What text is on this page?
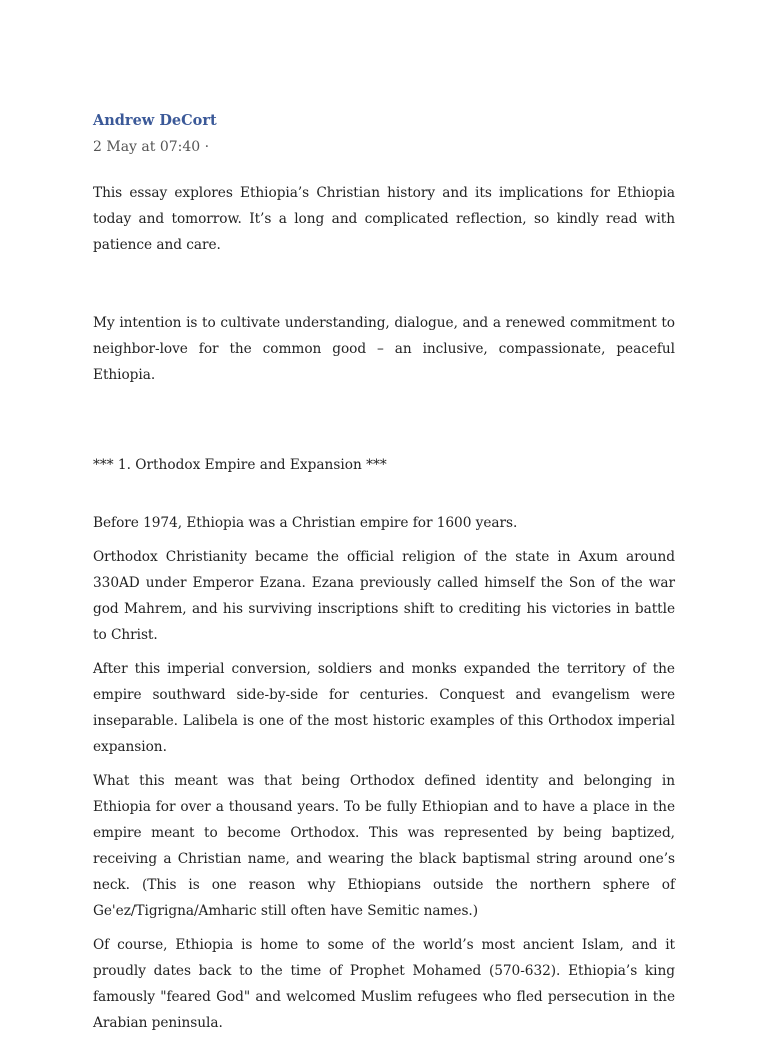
Andrew DeCort
2 May at 07:40 ·

This essay explores Ethiopia’s Christian history and its implications for Ethiopia today and tomorrow. It’s a long and complicated reflection, so kindly read with patience and care.

My intention is to cultivate understanding, dialogue, and a renewed commitment to neighbor-love for the common good – an inclusive, compassionate, peaceful Ethiopia.

*** 1. Orthodox Empire and Expansion ***

Before 1974, Ethiopia was a Christian empire for 1600 years.

Orthodox Christianity became the official religion of the state in Axum around 330AD under Emperor Ezana. Ezana previously called himself the Son of the war god Mahrem, and his surviving inscriptions shift to crediting his victories in battle to Christ.

After this imperial conversion, soldiers and monks expanded the territory of the empire southward side-by-side for centuries. Conquest and evangelism were inseparable. Lalibela is one of the most historic examples of this Orthodox imperial expansion.

What this meant was that being Orthodox defined identity and belonging in Ethiopia for over a thousand years. To be fully Ethiopian and to have a place in the empire meant to become Orthodox. This was represented by being baptized, receiving a Christian name, and wearing the black baptismal string around one’s neck. (This is one reason why Ethiopians outside the northern sphere of Ge'ez/Tigrigna/Amharic still often have Semitic names.)

Of course, Ethiopia is home to some of the world’s most ancient Islam, and it proudly dates back to the time of Prophet Mohamed (570-632). Ethiopia’s king famously "feared God" and welcomed Muslim refugees who fled persecution in the Arabian peninsula.
